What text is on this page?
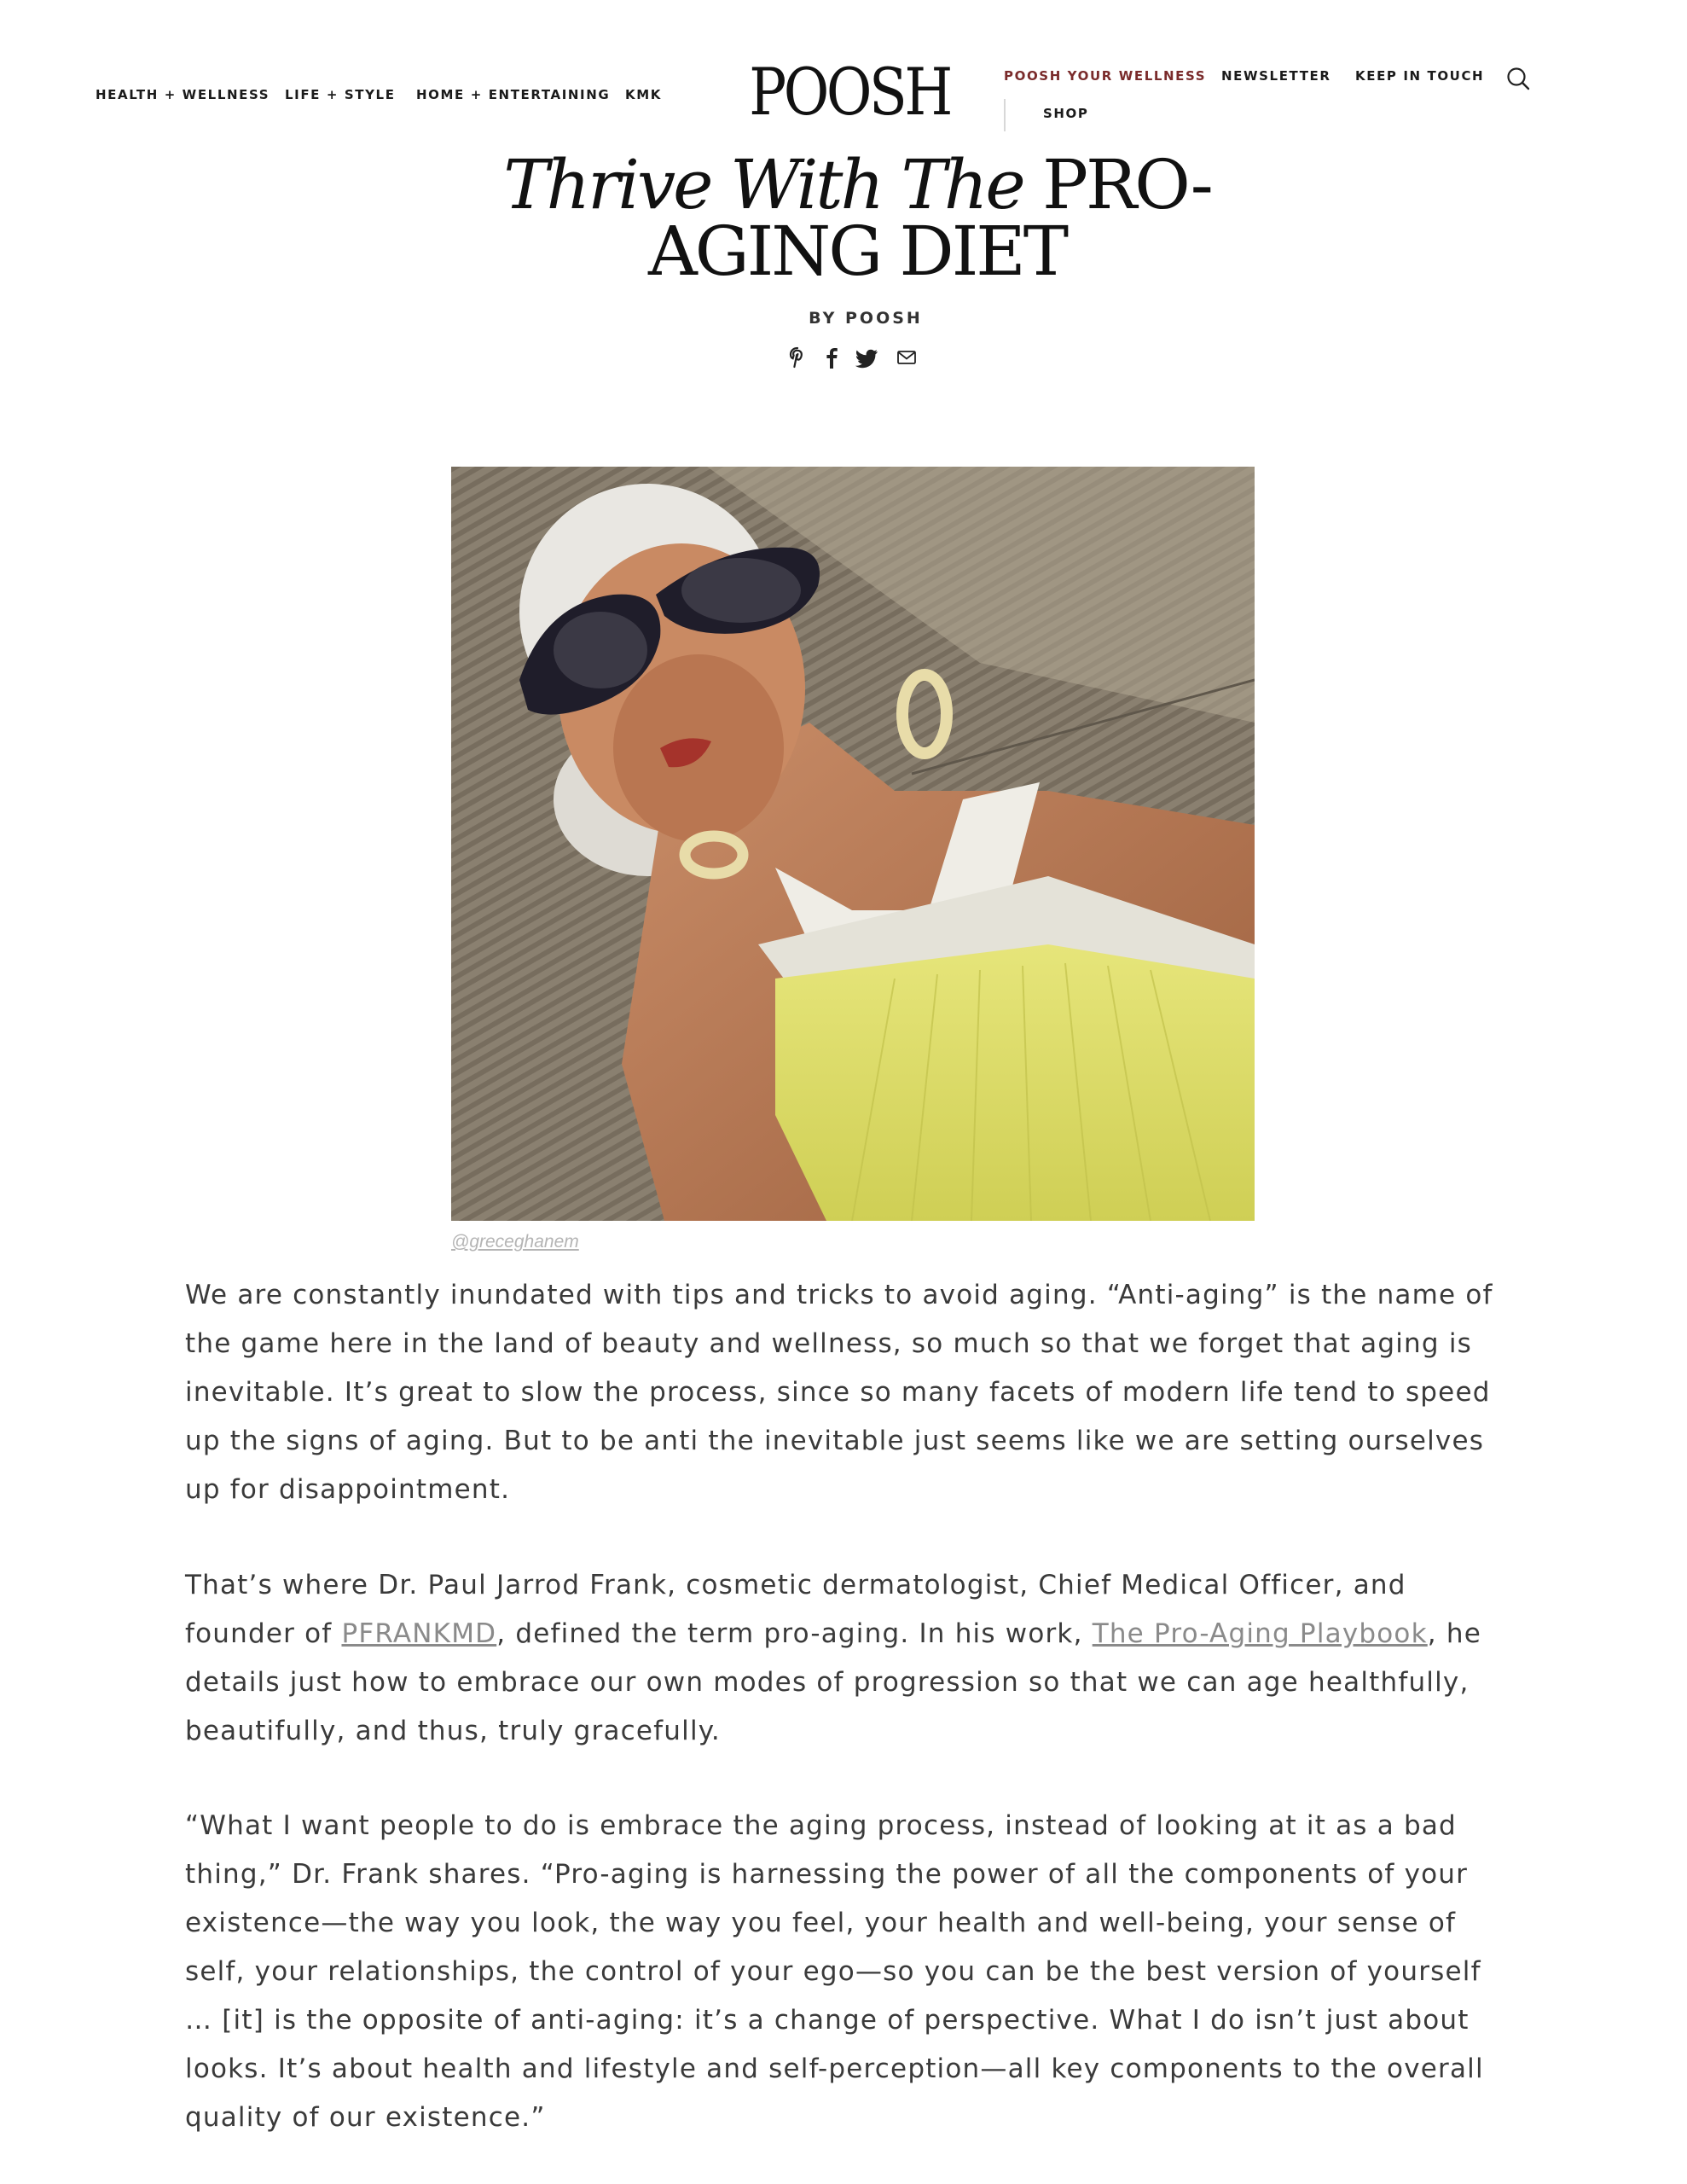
HEALTH + WELLNESS LIFE + STYLE HOME + ENTERTAINING KMK POOSH	POOSH YOUR WELLNESS NEWSLETTER KEEP IN TOUCH
SHOP
Thrive With The PRO-AGING DIET
BY POOSH
@greceghanem

We are constantly inundated with tips and tricks to avoid aging. “Anti-aging” is the name of the game here in the land of beauty and wellness, so much so that we forget that aging is inevitable. It’s great to slow the process, since so many facets of modern life tend to speed up the signs of aging. But to be anti the inevitable just seems like we are setting ourselves up for disappointment.

That’s where Dr. Paul Jarrod Frank, cosmetic dermatologist, Chief Medical Officer, and founder of PFRANKMD, defined the term pro-aging. In his work, The Pro-Aging Playbook, he details just how to embrace our own modes of progression so that we can age healthfully, beautifully, and thus, truly gracefully.

“What I want people to do is embrace the aging process, instead of looking at it as a bad thing,” Dr. Frank shares. “Pro-aging is harnessing the power of all the components of your existence—the way you look, the way you feel, your health and well-being, your sense of self, your relationships, the control of your ego—so you can be the best version of yourself … [it] is the opposite of anti-aging: it’s a change of perspective. What I do isn’t just about looks. It’s about health and lifestyle and self-perception—all key components to the overall quality of our existence.”
